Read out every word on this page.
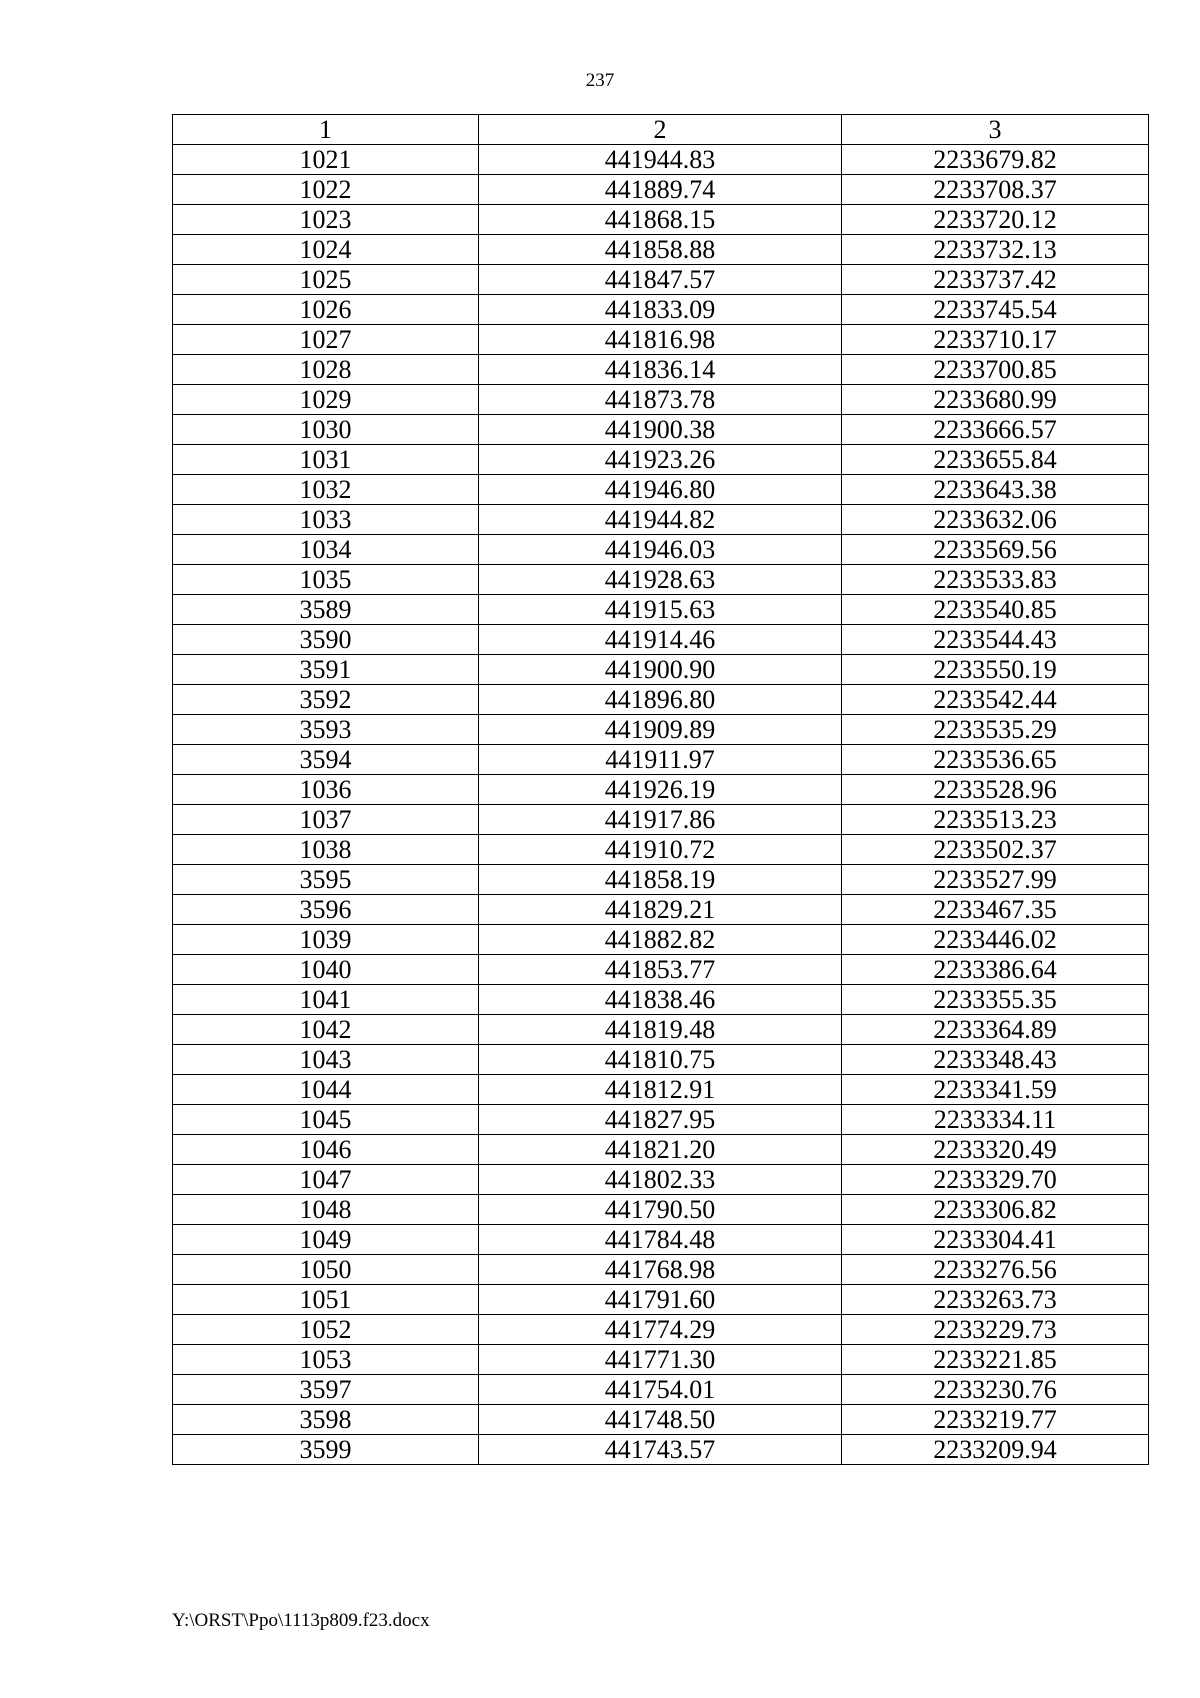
237
1	2	3
1021	441944.83	2233679.82
1022	441889.74	2233708.37
1023	441868.15	2233720.12
1024	441858.88	2233732.13
1025	441847.57	2233737.42
1026	441833.09	2233745.54
1027	441816.98	2233710.17
1028	441836.14	2233700.85
1029	441873.78	2233680.99
1030	441900.38	2233666.57
1031	441923.26	2233655.84
1032	441946.80	2233643.38
1033	441944.82	2233632.06
1034	441946.03	2233569.56
1035	441928.63	2233533.83
3589	441915.63	2233540.85
3590	441914.46	2233544.43
3591	441900.90	2233550.19
3592	441896.80	2233542.44
3593	441909.89	2233535.29
3594	441911.97	2233536.65
1036	441926.19	2233528.96
1037	441917.86	2233513.23
1038	441910.72	2233502.37
3595	441858.19	2233527.99
3596	441829.21	2233467.35
1039	441882.82	2233446.02
1040	441853.77	2233386.64
1041	441838.46	2233355.35
1042	441819.48	2233364.89
1043	441810.75	2233348.43
1044	441812.91	2233341.59
1045	441827.95	2233334.11
1046	441821.20	2233320.49
1047	441802.33	2233329.70
1048	441790.50	2233306.82
1049	441784.48	2233304.41
1050	441768.98	2233276.56
1051	441791.60	2233263.73
1052	441774.29	2233229.73
1053	441771.30	2233221.85
3597	441754.01	2233230.76
3598	441748.50	2233219.77
3599	441743.57	2233209.94
Y:\ORST\Ppo\1113p809.f23.docx
